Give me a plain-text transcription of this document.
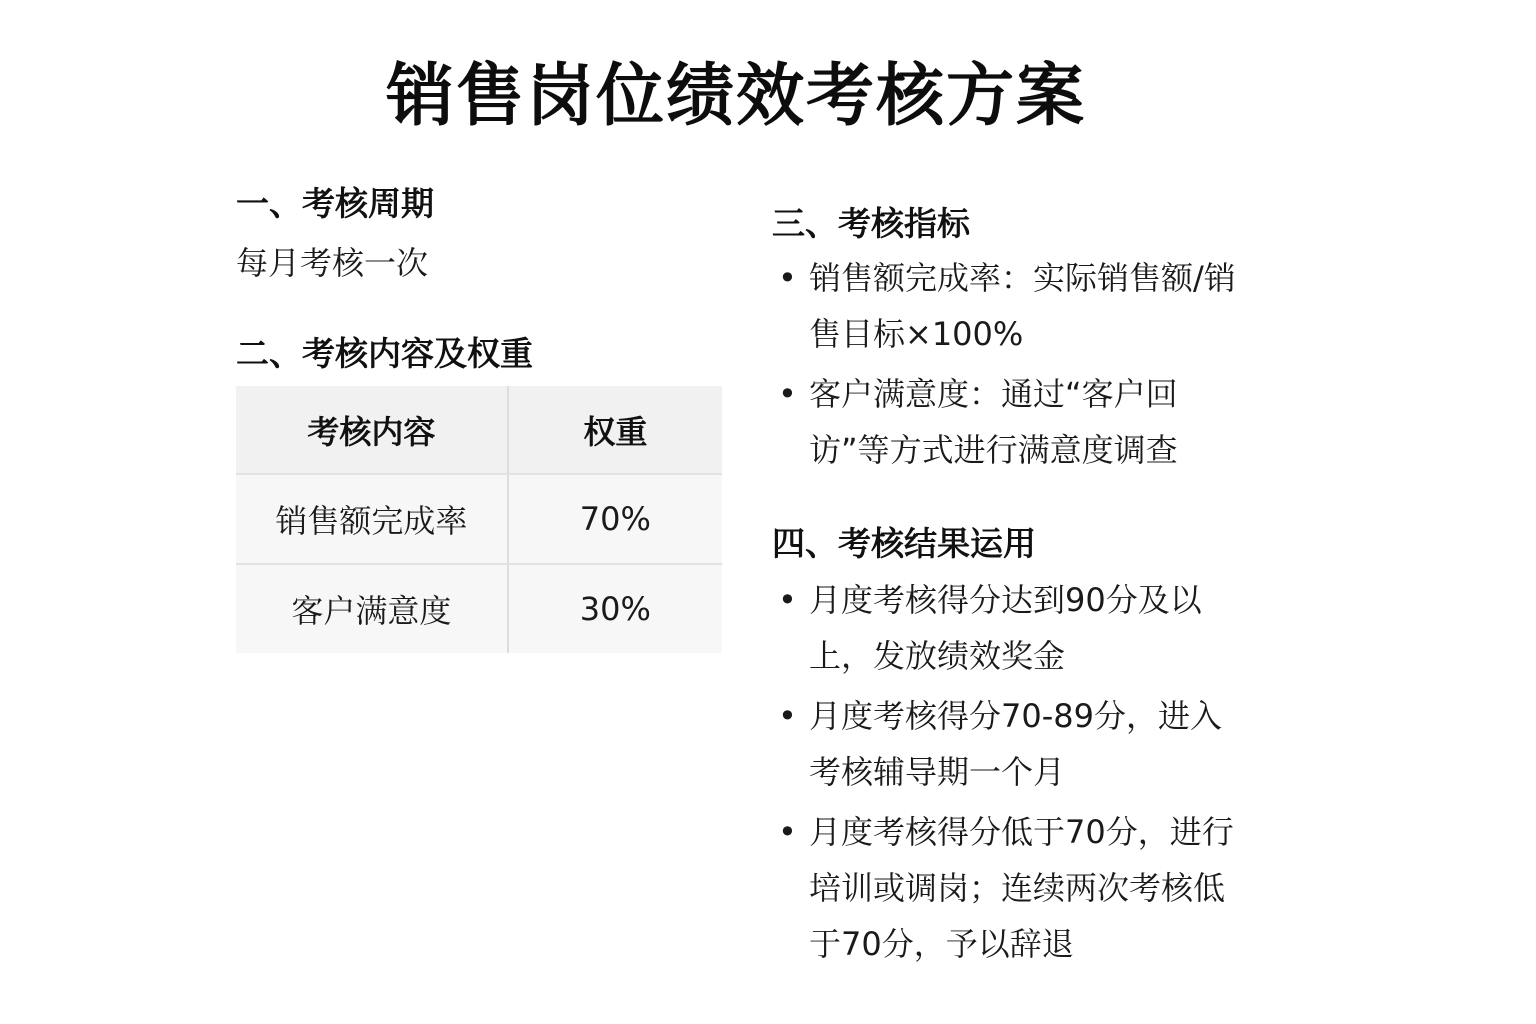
销售岗位绩效考核方案
一、考核周期
每月考核一次
二、考核内容及权重
考核内容	权重
销售额完成率	70%
客户满意度	30%
三、考核指标
• 销售额完成率：实际销售额/销售目标×100%
• 客户满意度：通过“客户回访”等方式进行满意度调查
四、考核结果运用
• 月度考核得分达到90分及以上，发放绩效奖金
• 月度考核得分70-89分，进入考核辅导期一个月
• 月度考核得分低于70分，进行培训或调岗；连续两次考核低于70分，予以辞退
